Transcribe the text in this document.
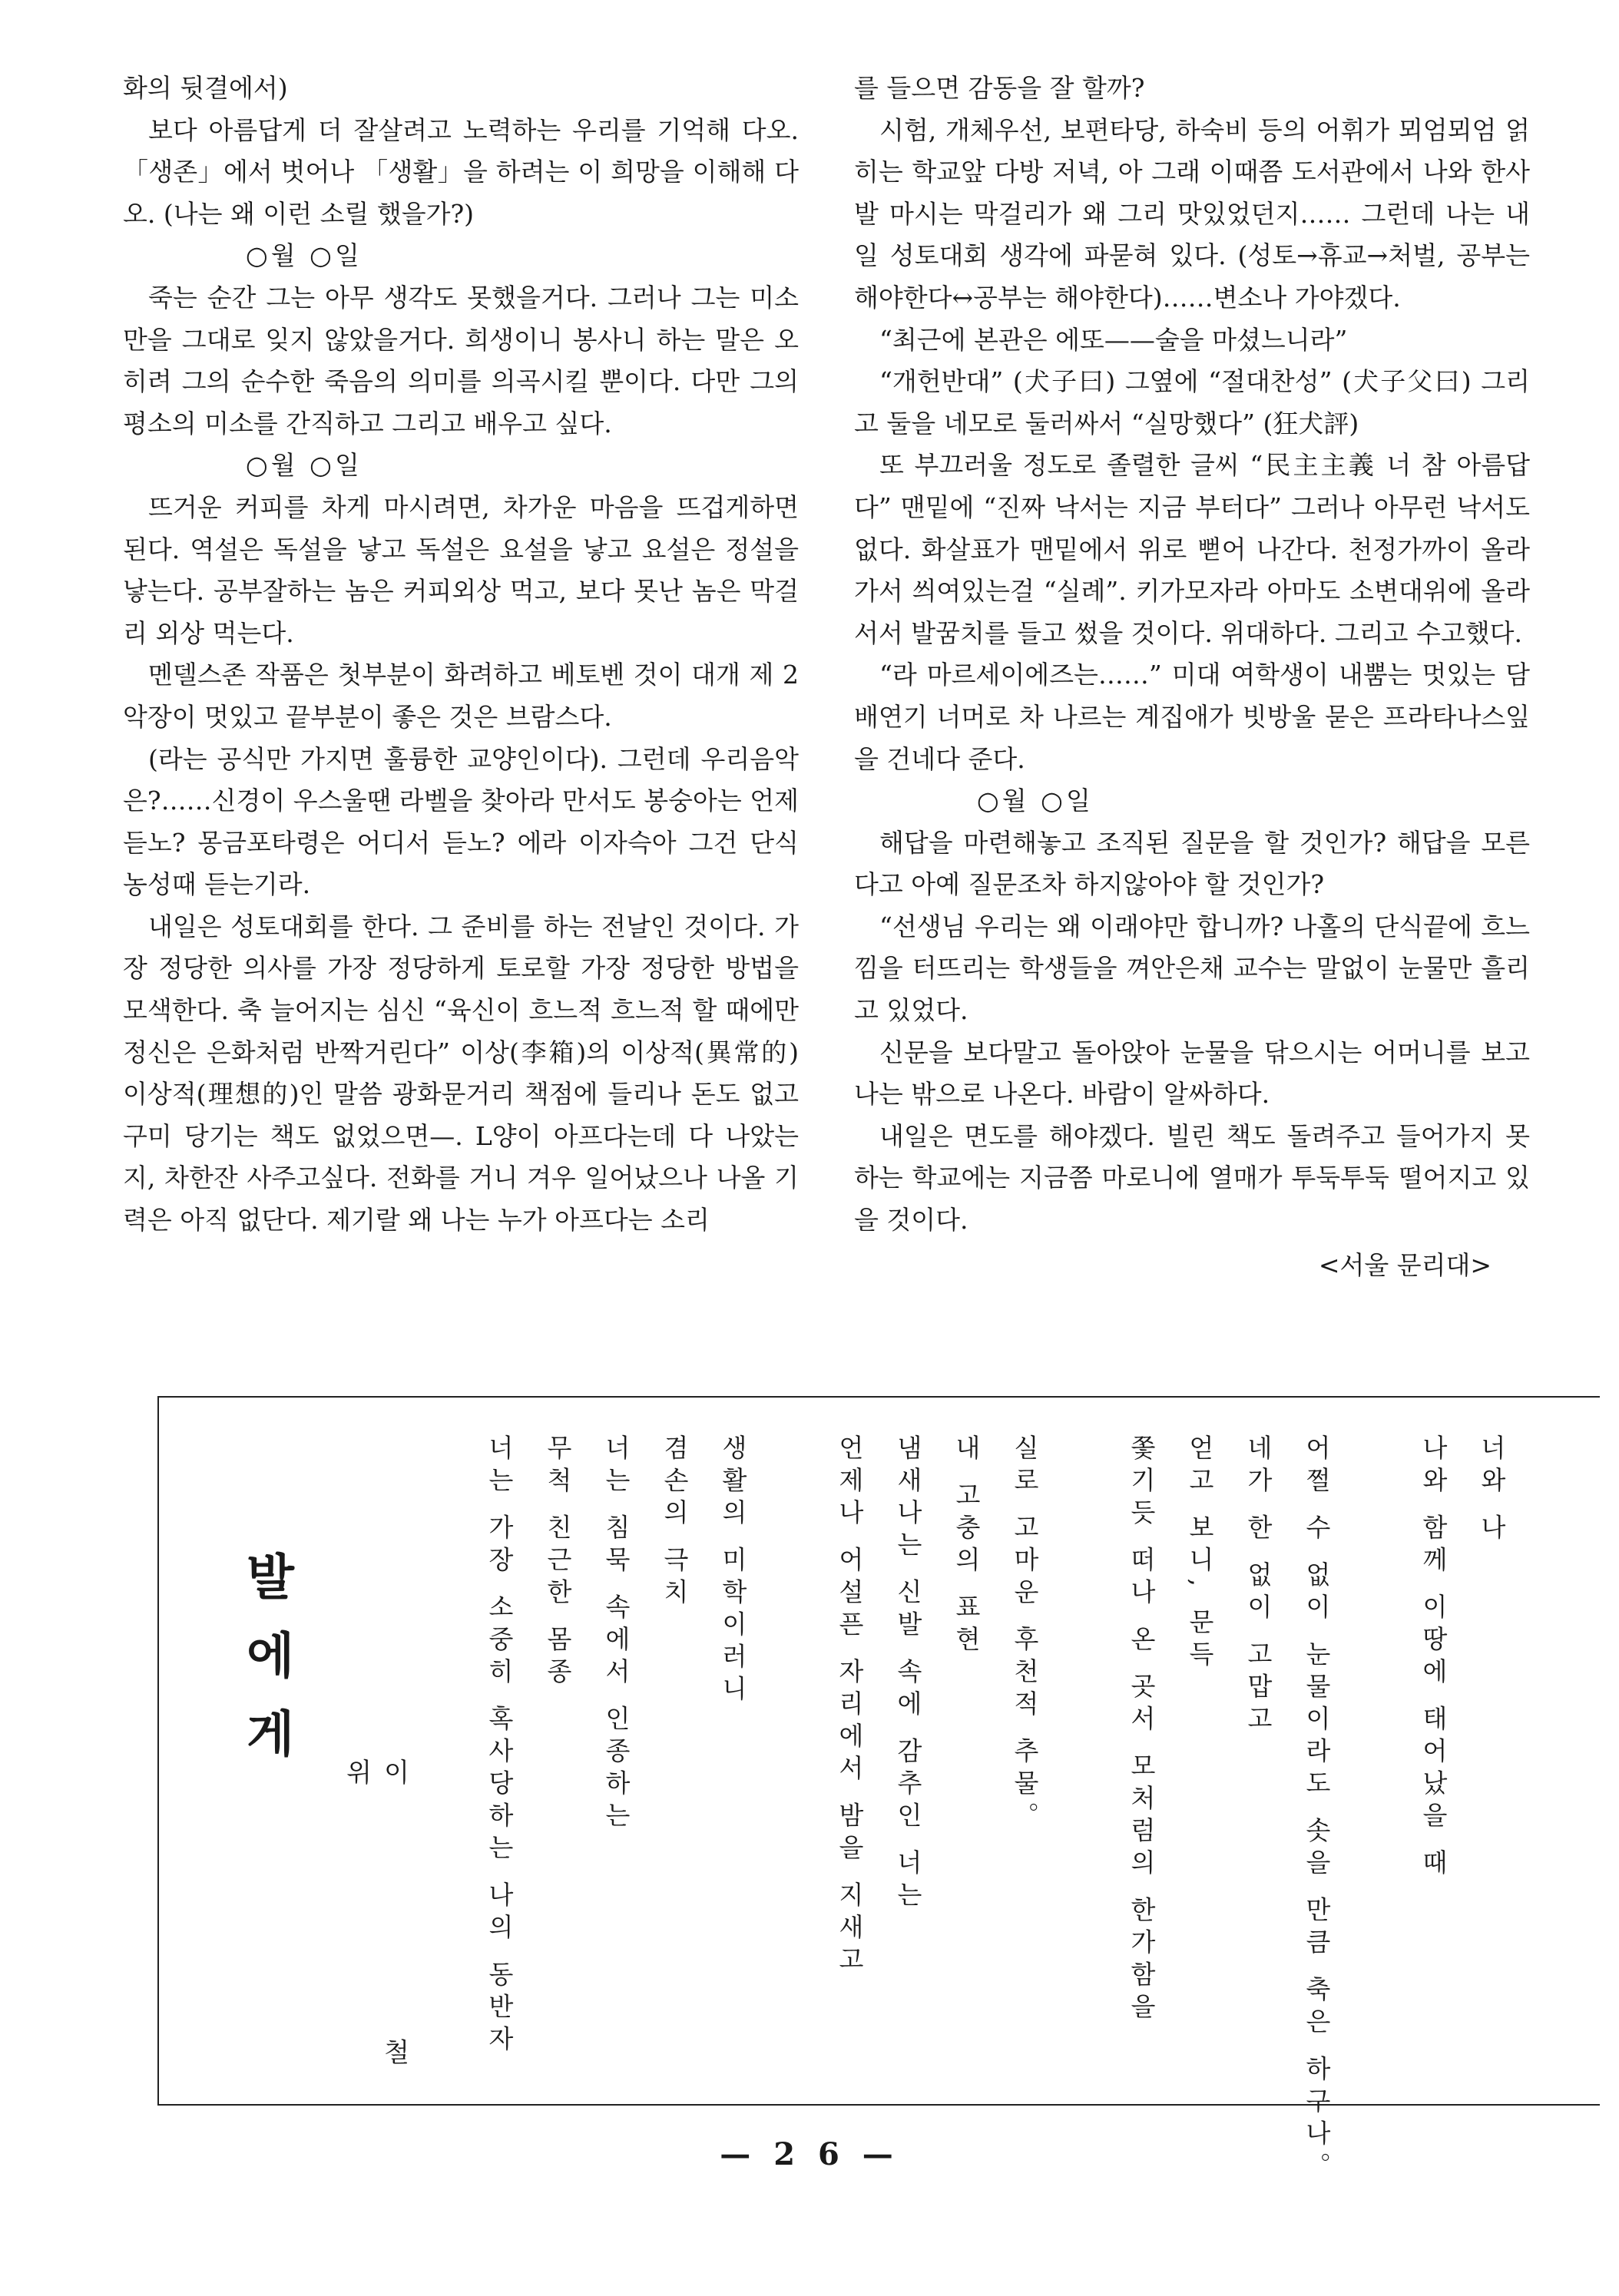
화의 뒷결에서)

보다 아름답게 더 잘살려고 노력하는 우리를 기억해 다오. 「생존」에서 벗어나 「생활」을 하려는 이 희망을 이해해 다오. (나는 왜 이런 소릴 했을가?)

○월 ○일

죽는 순간 그는 아무 생각도 못했을거다. 그러나 그는 미소만을 그대로 잊지 않았을거다. 희생이니 봉사니 하는 말은 오히려 그의 순수한 죽음의 의미를 의곡시킬 뿐이다. 다만 그의 평소의 미소를 간직하고 그리고 배우고 싶다.

○월 ○일

뜨거운 커피를 차게 마시려면, 차가운 마음을 뜨겁게하면 된다. 역설은 독설을 낳고 독설은 요설을 낳고 요설은 정설을 낳는다. 공부잘하는 놈은 커피외상 먹고, 보다 못난 놈은 막걸리 외상 먹는다.

멘델스존 작품은 첫부분이 화려하고 베토벤 것이 대개 제 2 악장이 멋있고 끝부분이 좋은 것은 브람스다.

(라는 공식만 가지면 훌륭한 교양인이다). 그런데 우리음악은?……신경이 우스울땐 라벨을 찾아라 만서도 봉숭아는 언제듣노? 몽금포타령은 어디서 듣노? 에라 이자슥아 그건 단식 농성때 듣는기라.

내일은 성토대회를 한다. 그 준비를 하는 전날인 것이다. 가장 정당한 의사를 가장 정당하게 토로할 가장 정당한 방법을 모색한다. 축 늘어지는 심신 “육신이 흐느적 흐느적 할 때에만 정신은 은화처럼 반짝거린다” 이상(李箱)의 이상적(異常的) 이상적(理想的)인 말씀 광화문거리 책점에 들리나 돈도 없고 구미 당기는 책도 없었으면—. L양이 아프다는데 다 나았는지, 차한잔 사주고싶다. 전화를 거니 겨우 일어났으나 나올 기력은 아직 없단다. 제기랄 왜 나는 누가 아프다는 소리

를 들으면 감동을 잘 할까?

시험, 개체우선, 보편타당, 하숙비 등의 어휘가 뫼엄뫼엄 얽히는 학교앞 다방 저녁, 아 그래 이때쯤 도서관에서 나와 한사발 마시는 막걸리가 왜 그리 맛있었던지…… 그런데 나는 내일 성토대회 생각에 파묻혀 있다. (성토→휴교→처벌, 공부는 해야한다↔공부는 해야한다)……변소나 가야겠다.

“최근에 본관은 에또——술을 마셨느니라”

“개헌반대” (犬子曰) 그옆에 “절대찬성” (犬子父曰) 그리고 둘을 네모로 둘러싸서 “실망했다” (狂犬評)

또 부끄러울 정도로 졸렬한 글씨 “民主主義 너 참 아름답다” 맨밑에 “진짜 낙서는 지금 부터다” 그러나 아무런 낙서도 없다. 화살표가 맨밑에서 위로 뻗어 나간다. 천정가까이 올라가서 씌여있는걸 “실례”. 키가모자라 아마도 소변대위에 올라서서 발꿈치를 들고 썼을 것이다. 위대하다. 그리고 수고했다.

“라 마르세이에즈는……” 미대 여학생이 내뿜는 멋있는 담배연기 너머로 차 나르는 계집애가 빗방울 묻은 프라타나스잎을 건네다 준다.

○월 ○일

해답을 마련해놓고 조직된 질문을 할 것인가? 해답을 모른다고 아예 질문조차 하지않아야 할 것인가?

“선생님 우리는 왜 이래야만 합니까? 나홀의 단식끝에 흐느낌을 터뜨리는 학생들을 껴안은채 교수는 말없이 눈물만 흘리고 있었다.

신문을 보다말고 돌아앉아 눈물을 닦으시는 어머니를 보고 나는 밖으로 나온다. 바람이 알싸하다.

내일은 면도를 해야겠다. 빌린 책도 돌려주고 들어가지 못하는 학교에는 지금쯤 마로니에 열매가 투둑투둑 떨어지고 있을 것이다.

<서울 문리대>

발에게
이 철 위
너와 나
나와 함께 이땅에 태어났을 때
어쩔 수 없이 눈물이라도 솟을 만큼 축은 하구나。
네가 한 없이 고맙고
얻고 보니, 문득
쫓기듯 떠나 온 곳서 모처럼의 한가함을
실로 고마운 후천적 추물。
내 고충의 표현
냄새나는 신발 속에 감추인 너는
언제나 어설픈 자리에서 밤을 지새고
생활의 미학이러니
겸손의 극치
너는 침묵 속에서 인종하는
무척 친근한 몸종
너는 가장 소중히 혹사당하는 나의 동반자
— 2 6 —
